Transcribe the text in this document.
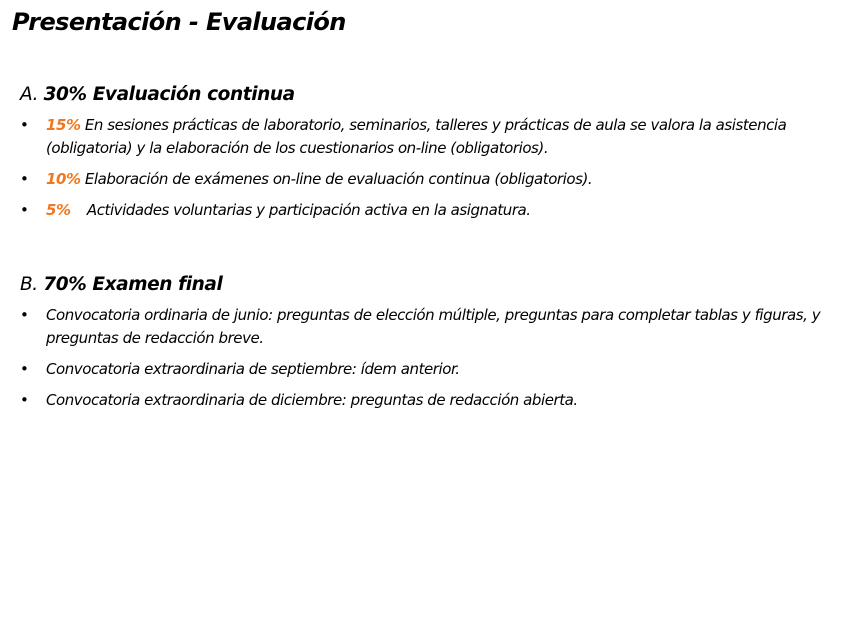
Presentación - Evaluación
A. 30% Evaluación continua
• 15% En sesiones prácticas de laboratorio, seminarios, talleres y prácticas de aula se valora la asistencia (obligatoria) y la elaboración de los cuestionarios on-line (obligatorios).
• 10% Elaboración de exámenes on-line de evaluación continua (obligatorios).
• 5% Actividades voluntarias y participación activa en la asignatura.
B. 70% Examen final
• Convocatoria ordinaria de junio: preguntas de elección múltiple, preguntas para completar tablas y figuras, y preguntas de redacción breve.
• Convocatoria extraordinaria de septiembre: ídem anterior.
• Convocatoria extraordinaria de diciembre: preguntas de redacción abierta.
